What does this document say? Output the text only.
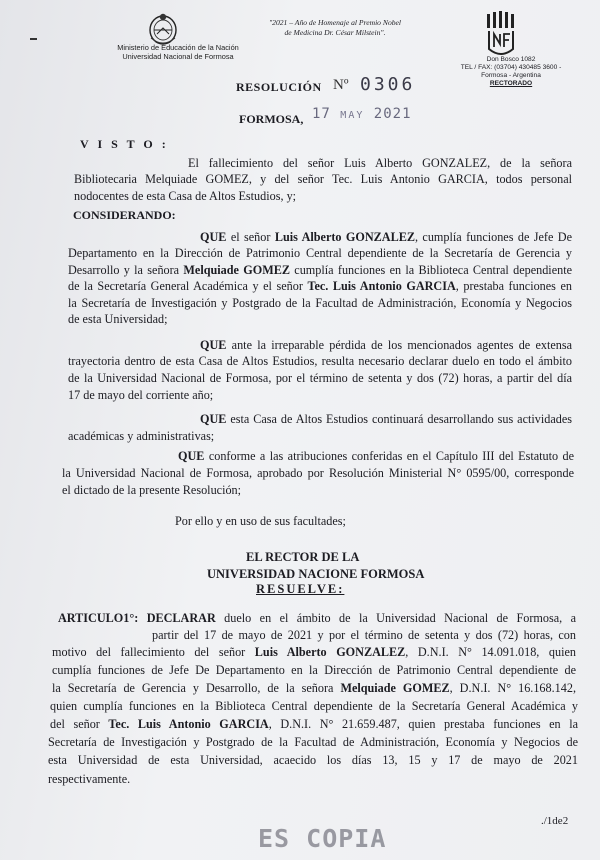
Ministerio de Educación de la Nación
Universidad Nacional de Formosa
"2021 – Año de Homenaje al Premio Nobel
de Medicina Dr. César Milstein".
Don Bosco 1082
TEL / FAX: (03704) 430485 3600 -
Formosa - Argentina
RECTORADO
RESOLUCIÓN Nº 0306
FORMOSA, 17 MAY 2021
V I S T O :
El fallecimiento del señor Luis Alberto GONZALEZ, de la señora
Bibliotecaria Melquiade GOMEZ, y del señor Tec. Luis Antonio GARCIA, todos personal
nodocentes de esta Casa de Altos Estudios, y;
CONSIDERANDO:
QUE el señor Luis Alberto GONZALEZ, cumplía funciones de Jefe De
Departamento en la Dirección de Patrimonio Central dependiente de la Secretaría de Gerencia y
Desarrollo y la señora Melquiade GOMEZ cumplía funciones en la Biblioteca Central dependiente
de la Secretaría General Académica y el señor Tec. Luis Antonio GARCIA, prestaba funciones en
la Secretaría de Investigación y Postgrado de la Facultad de Administración, Economía y Negocios
de esta Universidad;
QUE ante la irreparable pérdida de los mencionados agentes de extensa
trayectoria dentro de esta Casa de Altos Estudios, resulta necesario declarar duelo en todo el ámbito
de la Universidad Nacional de Formosa, por el término de setenta y dos (72) horas, a partir del día
17 de mayo del corriente año;
QUE esta Casa de Altos Estudios continuará desarrollando sus actividades
académicas y administrativas;
QUE conforme a las atribuciones conferidas en el Capítulo III del Estatuto de
la Universidad Nacional de Formosa, aprobado por Resolución Ministerial N° 0595/00, corresponde
el dictado de la presente Resolución;
Por ello y en uso de sus facultades;
EL RECTOR DE LA
UNIVERSIDAD NACIONE FORMOSA
RESUELVE:
ARTICULO1°: DECLARAR duelo en el ámbito de la Universidad Nacional de Formosa, a
partir del 17 de mayo de 2021 y por el término de setenta y dos (72) horas, con
motivo del fallecimiento del señor Luis Alberto GONZALEZ, D.N.I. N° 14.091.018, quien
cumplía funciones de Jefe De Departamento en la Dirección de Patrimonio Central dependiente de
la Secretaría de Gerencia y Desarrollo, de la señora Melquiade GOMEZ, D.N.I. N° 16.168.142,
quien cumplía funciones en la Biblioteca Central dependiente de la Secretaría General Académica y
del señor Tec. Luis Antonio GARCIA, D.N.I. N° 21.659.487, quien prestaba funciones en la
Secretaría de Investigación y Postgrado de la Facultad de Administración, Economía y Negocios de
esta Universidad de esta Universidad, acaecido los días 13, 15 y 17 de mayo de 2021
respectivamente.
./1de2
ES COPIA
